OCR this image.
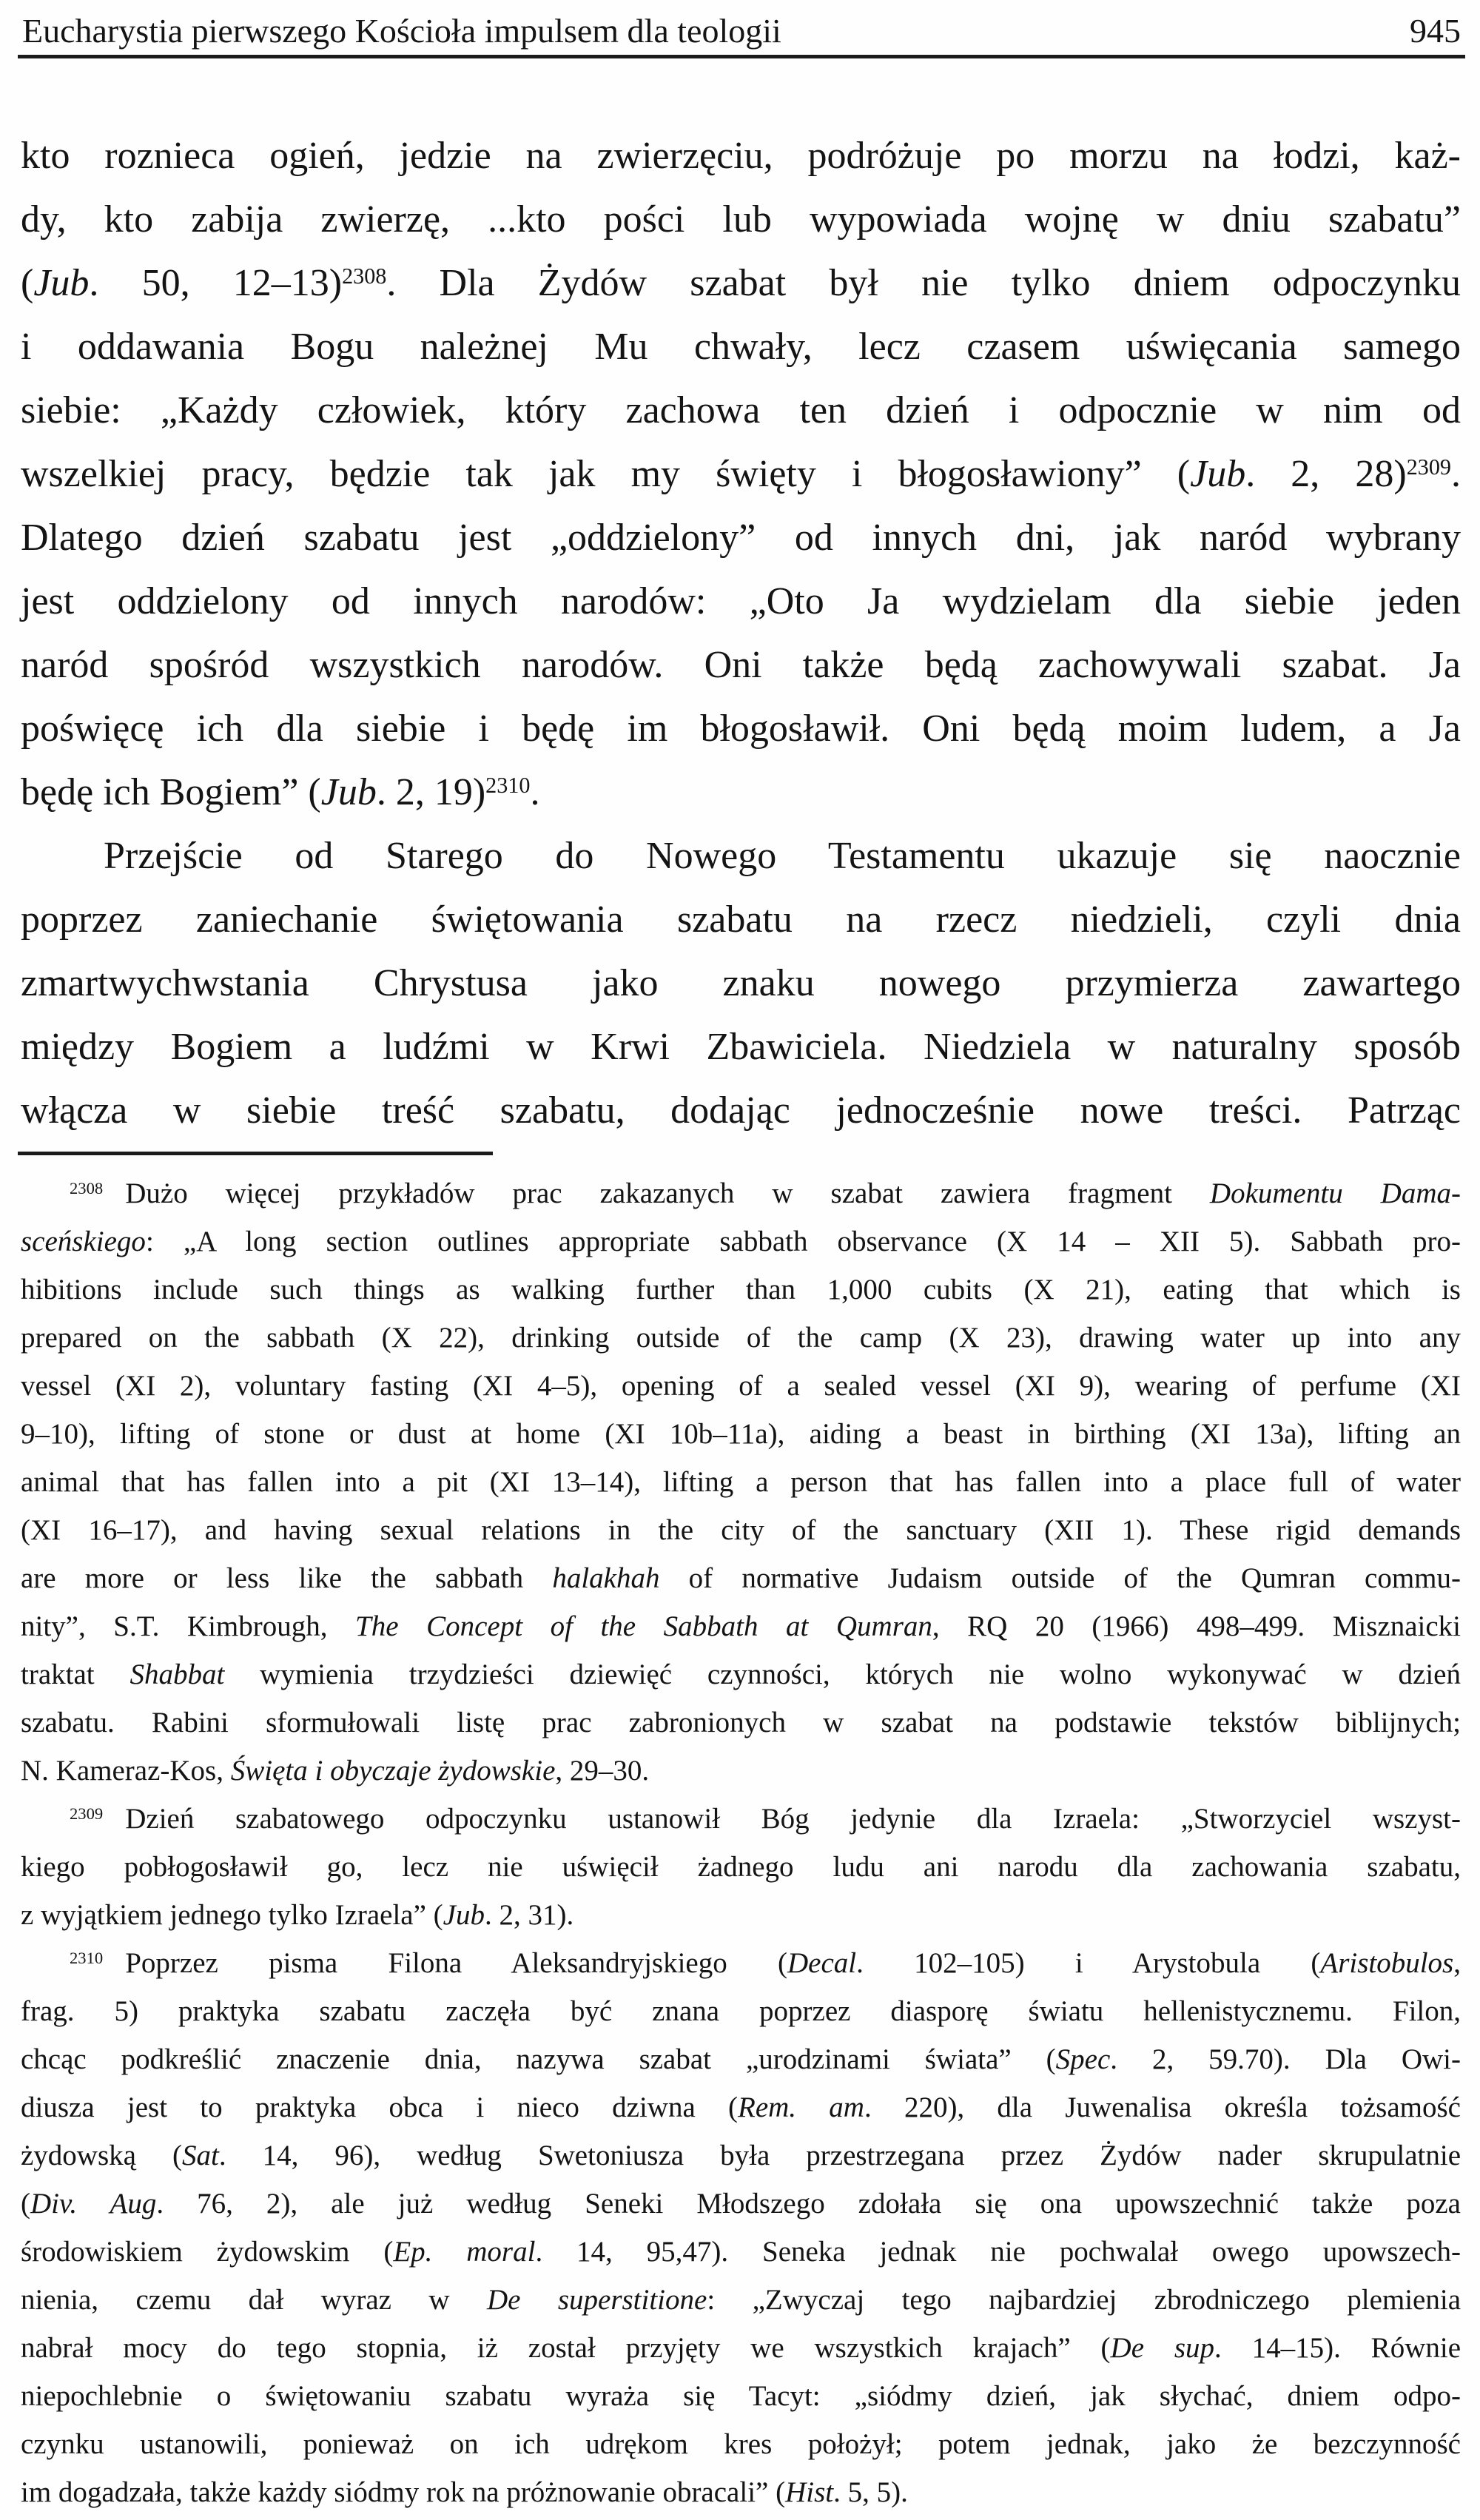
Eucharystia pierwszego Kościoła impulsem dla teologii	945
kto roznieca ogień, jedzie na zwierzęciu, podróżuje po morzu na łodzi, każ-
dy, kto zabija zwierzę, ...kto pości lub wypowiada wojnę w dniu szabatu”
(Jub. 50, 12–13)$^{2308}$. Dla Żydów szabat był nie tylko dniem odpoczynku
i oddawania Bogu należnej Mu chwały, lecz czasem uświęcania samego
siebie: „Każdy człowiek, który zachowa ten dzień i odpocznie w nim od
wszelkiej pracy, będzie tak jak my święty i błogosławiony” (Jub. 2, 28)$^{2309}$.
Dlatego dzień szabatu jest „oddzielony” od innych dni, jak naród wybrany
jest oddzielony od innych narodów: „Oto Ja wydzielam dla siebie jeden
naród spośród wszystkich narodów. Oni także będą zachowywali szabat. Ja
poświęcę ich dla siebie i będę im błogosławił. Oni będą moim ludem, a Ja
będę ich Bogiem” (Jub. 2, 19)$^{2310}$.
Przejście od Starego do Nowego Testamentu ukazuje się naocznie
poprzez zaniechanie świętowania szabatu na rzecz niedzieli, czyli dnia
zmartwychwstania Chrystusa jako znaku nowego przymierza zawartego
między Bogiem a ludźmi w Krwi Zbawiciela. Niedziela w naturalny sposób
włącza w siebie treść szabatu, dodając jednocześnie nowe treści. Patrząc
$^{2308}$ Dużo więcej przykładów prac zakazanych w szabat zawiera fragment Dokumentu Dama-
sceńskiego: „A long section outlines appropriate sabbath observance (X 14 – XII 5). Sabbath pro-
hibitions include such things as walking further than 1,000 cubits (X 21), eating that which is
prepared on the sabbath (X 22), drinking outside of the camp (X 23), drawing water up into any
vessel (XI 2), voluntary fasting (XI 4–5), opening of a sealed vessel (XI 9), wearing of perfume (XI
9–10), lifting of stone or dust at home (XI 10b–11a), aiding a beast in birthing (XI 13a), lifting an
animal that has fallen into a pit (XI 13–14), lifting a person that has fallen into a place full of water
(XI 16–17), and having sexual relations in the city of the sanctuary (XII 1). These rigid demands
are more or less like the sabbath halakhah of normative Judaism outside of the Qumran commu-
nity”, S.T. Kimbrough, The Concept of the Sabbath at Qumran, RQ 20 (1966) 498–499. Misznaicki
traktat Shabbat wymienia trzydzieści dziewięć czynności, których nie wolno wykonywać w dzień
szabatu. Rabini sformułowali listę prac zabronionych w szabat na podstawie tekstów biblijnych;
N. Kameraz-Kos, Święta i obyczaje żydowskie, 29–30.
$^{2309}$ Dzień szabatowego odpoczynku ustanowił Bóg jedynie dla Izraela: „Stworzyciel wszyst-
kiego pobłogosławił go, lecz nie uświęcił żadnego ludu ani narodu dla zachowania szabatu,
z wyjątkiem jednego tylko Izraela” (Jub. 2, 31).
$^{2310}$ Poprzez pisma Filona Aleksandryjskiego (Decal. 102–105) i Arystobula (Aristobulos,
frag. 5) praktyka szabatu zaczęła być znana poprzez diasporę światu hellenistycznemu. Filon,
chcąc podkreślić znaczenie dnia, nazywa szabat „urodzinami świata” (Spec. 2, 59.70). Dla Owi-
diusza jest to praktyka obca i nieco dziwna (Rem. am. 220), dla Juwenalisa określa tożsamość
żydowską (Sat. 14, 96), według Swetoniusza była przestrzegana przez Żydów nader skrupulatnie
(Div. Aug. 76, 2), ale już według Seneki Młodszego zdołała się ona upowszechnić także poza
środowiskiem żydowskim (Ep. moral. 14, 95,47). Seneka jednak nie pochwalał owego upowszech-
nienia, czemu dał wyraz w De superstitione: „Zwyczaj tego najbardziej zbrodniczego plemienia
nabrał mocy do tego stopnia, iż został przyjęty we wszystkich krajach” (De sup. 14–15). Równie
niepochlebnie o świętowaniu szabatu wyraża się Tacyt: „siódmy dzień, jak słychać, dniem odpo-
czynku ustanowili, ponieważ on ich udrękom kres położył; potem jednak, jako że bezczynność
im dogadzała, także każdy siódmy rok na próżnowanie obracali” (Hist. 5, 5).
